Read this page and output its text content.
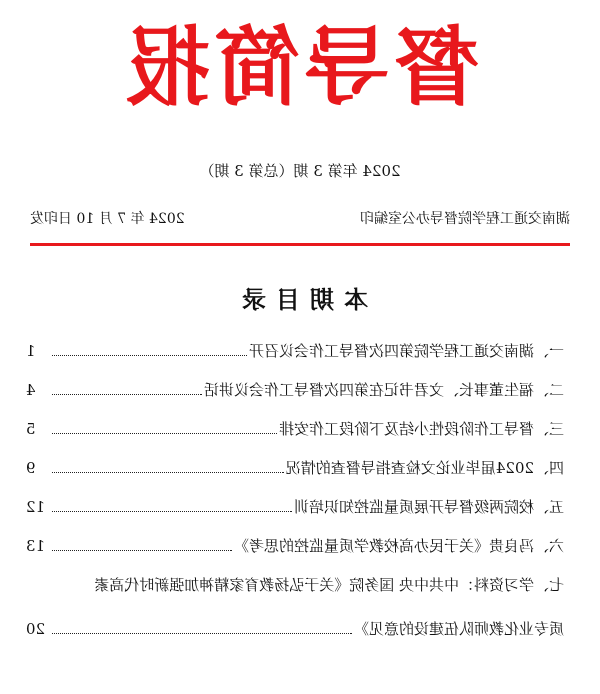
督导简报
2024 年第 3 期（总第 3 期）
湖南交通工程学院督导办公室编印
2024 年 7 月 10 日印发
本期目录
一、
湖南交通工程学院第四次督导工作会议召开
1
二、
福生董事长、文君书记在第四次督导工作会议讲话
4
三、
督导工作阶段性小结及下阶段工作安排
5
四、
2024届毕业论文检查指导督查的情况
9
五、
校院两级督导开展质量监控知识培训
12
六、
冯良贵《关于民办高校教学质量监控的思考》
13
七、
学习资料：中共中央 国务院《关于弘扬教育家精神加强新时代高素
质专业化教师队伍建设的意见》
20
